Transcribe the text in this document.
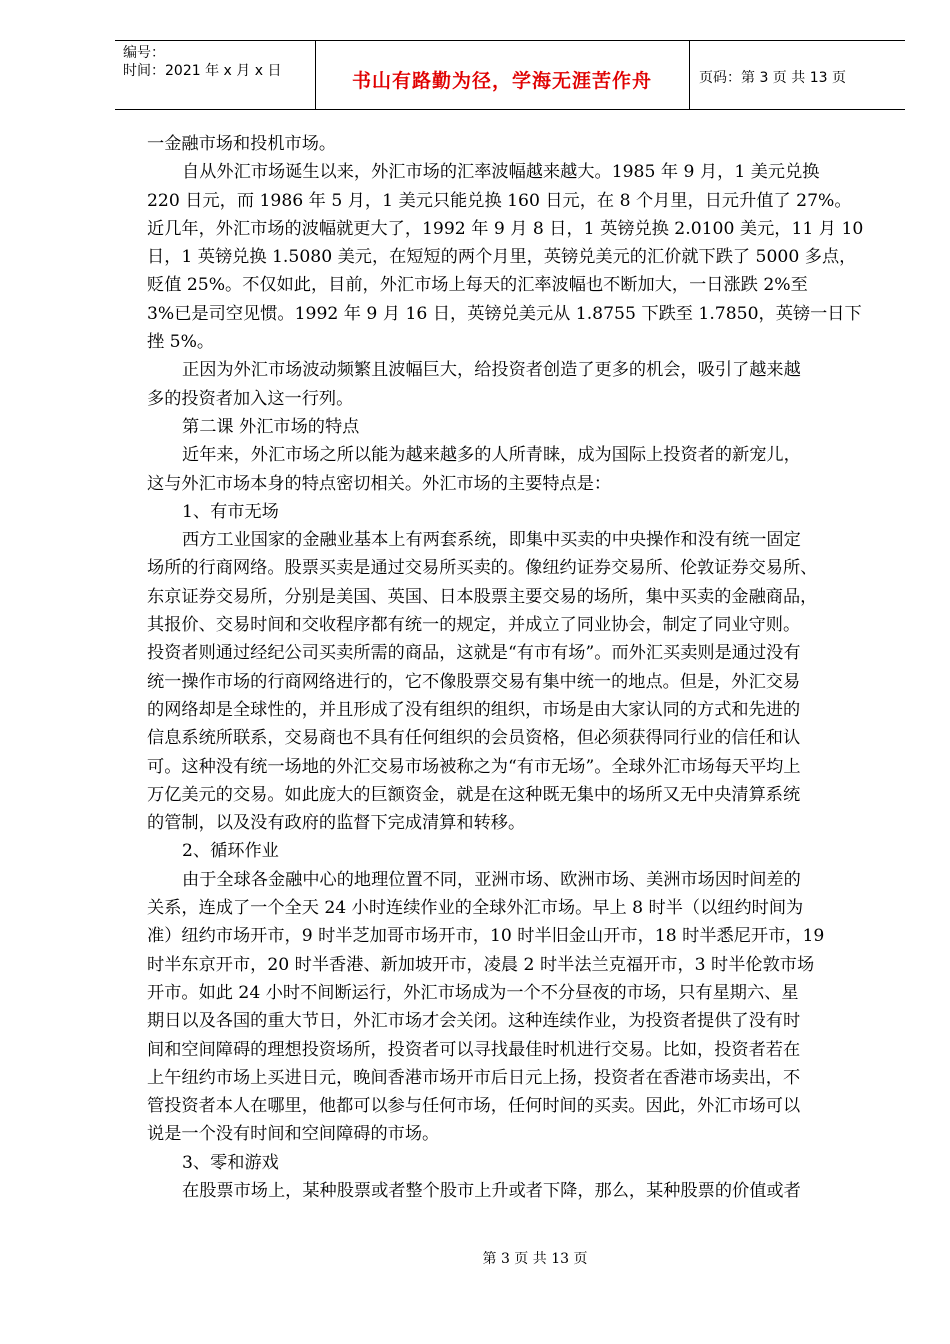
编号：
时间：2021 年 x 月 x 日	书山有路勤为径，学海无涯苦作舟	页码：第 3 页 共 13 页
一金融市场和投机市场。
自从外汇市场诞生以来，外汇市场的汇率波幅越来越大。1985 年 9 月，1 美元兑换
220 日元，而 1986 年 5 月，1 美元只能兑换 160 日元，在 8 个月里，日元升值了 27%。
近几年，外汇市场的波幅就更大了，1992 年 9 月 8 日，1 英镑兑换 2.0100 美元，11 月 10
日，1 英镑兑换 1.5080 美元，在短短的两个月里，英镑兑美元的汇价就下跌了 5000 多点，
贬值 25%。不仅如此，目前，外汇市场上每天的汇率波幅也不断加大，一日涨跌 2%至
3%已是司空见惯。1992 年 9 月 16 日，英镑兑美元从 1.8755 下跌至 1.7850，英镑一日下
挫 5%。
正因为外汇市场波动频繁且波幅巨大，给投资者创造了更多的机会，吸引了越来越
多的投资者加入这一行列。
第二课 外汇市场的特点
近年来，外汇市场之所以能为越来越多的人所青睐，成为国际上投资者的新宠儿，
这与外汇市场本身的特点密切相关。外汇市场的主要特点是：
1、有市无场
西方工业国家的金融业基本上有两套系统，即集中买卖的中央操作和没有统一固定
场所的行商网络。股票买卖是通过交易所买卖的。像纽约证券交易所、伦敦证券交易所、
东京证券交易所，分别是美国、英国、日本股票主要交易的场所，集中买卖的金融商品，
其报价、交易时间和交收程序都有统一的规定，并成立了同业协会，制定了同业守则。
投资者则通过经纪公司买卖所需的商品，这就是“有市有场”。而外汇买卖则是通过没有
统一操作市场的行商网络进行的，它不像股票交易有集中统一的地点。但是，外汇交易
的网络却是全球性的，并且形成了没有组织的组织，市场是由大家认同的方式和先进的
信息系统所联系，交易商也不具有任何组织的会员资格，但必须获得同行业的信任和认
可。这种没有统一场地的外汇交易市场被称之为“有市无场”。全球外汇市场每天平均上
万亿美元的交易。如此庞大的巨额资金，就是在这种既无集中的场所又无中央清算系统
的管制，以及没有政府的监督下完成清算和转移。
2、循环作业
由于全球各金融中心的地理位置不同，亚洲市场、欧洲市场、美洲市场因时间差的
关系，连成了一个全天 24 小时连续作业的全球外汇市场。早上 8 时半（以纽约时间为
准）纽约市场开市，9 时半芝加哥市场开市，10 时半旧金山开市，18 时半悉尼开市，19
时半东京开市，20 时半香港、新加坡开市，凌晨 2 时半法兰克福开市，3 时半伦敦市场
开市。如此 24 小时不间断运行，外汇市场成为一个不分昼夜的市场，只有星期六、星
期日以及各国的重大节日，外汇市场才会关闭。这种连续作业，为投资者提供了没有时
间和空间障碍的理想投资场所，投资者可以寻找最佳时机进行交易。比如，投资者若在
上午纽约市场上买进日元，晚间香港市场开市后日元上扬，投资者在香港市场卖出，不
管投资者本人在哪里，他都可以参与任何市场，任何时间的买卖。因此，外汇市场可以
说是一个没有时间和空间障碍的市场。
3、零和游戏
在股票市场上，某种股票或者整个股市上升或者下降，那么，某种股票的价值或者
第 3 页 共 13 页
